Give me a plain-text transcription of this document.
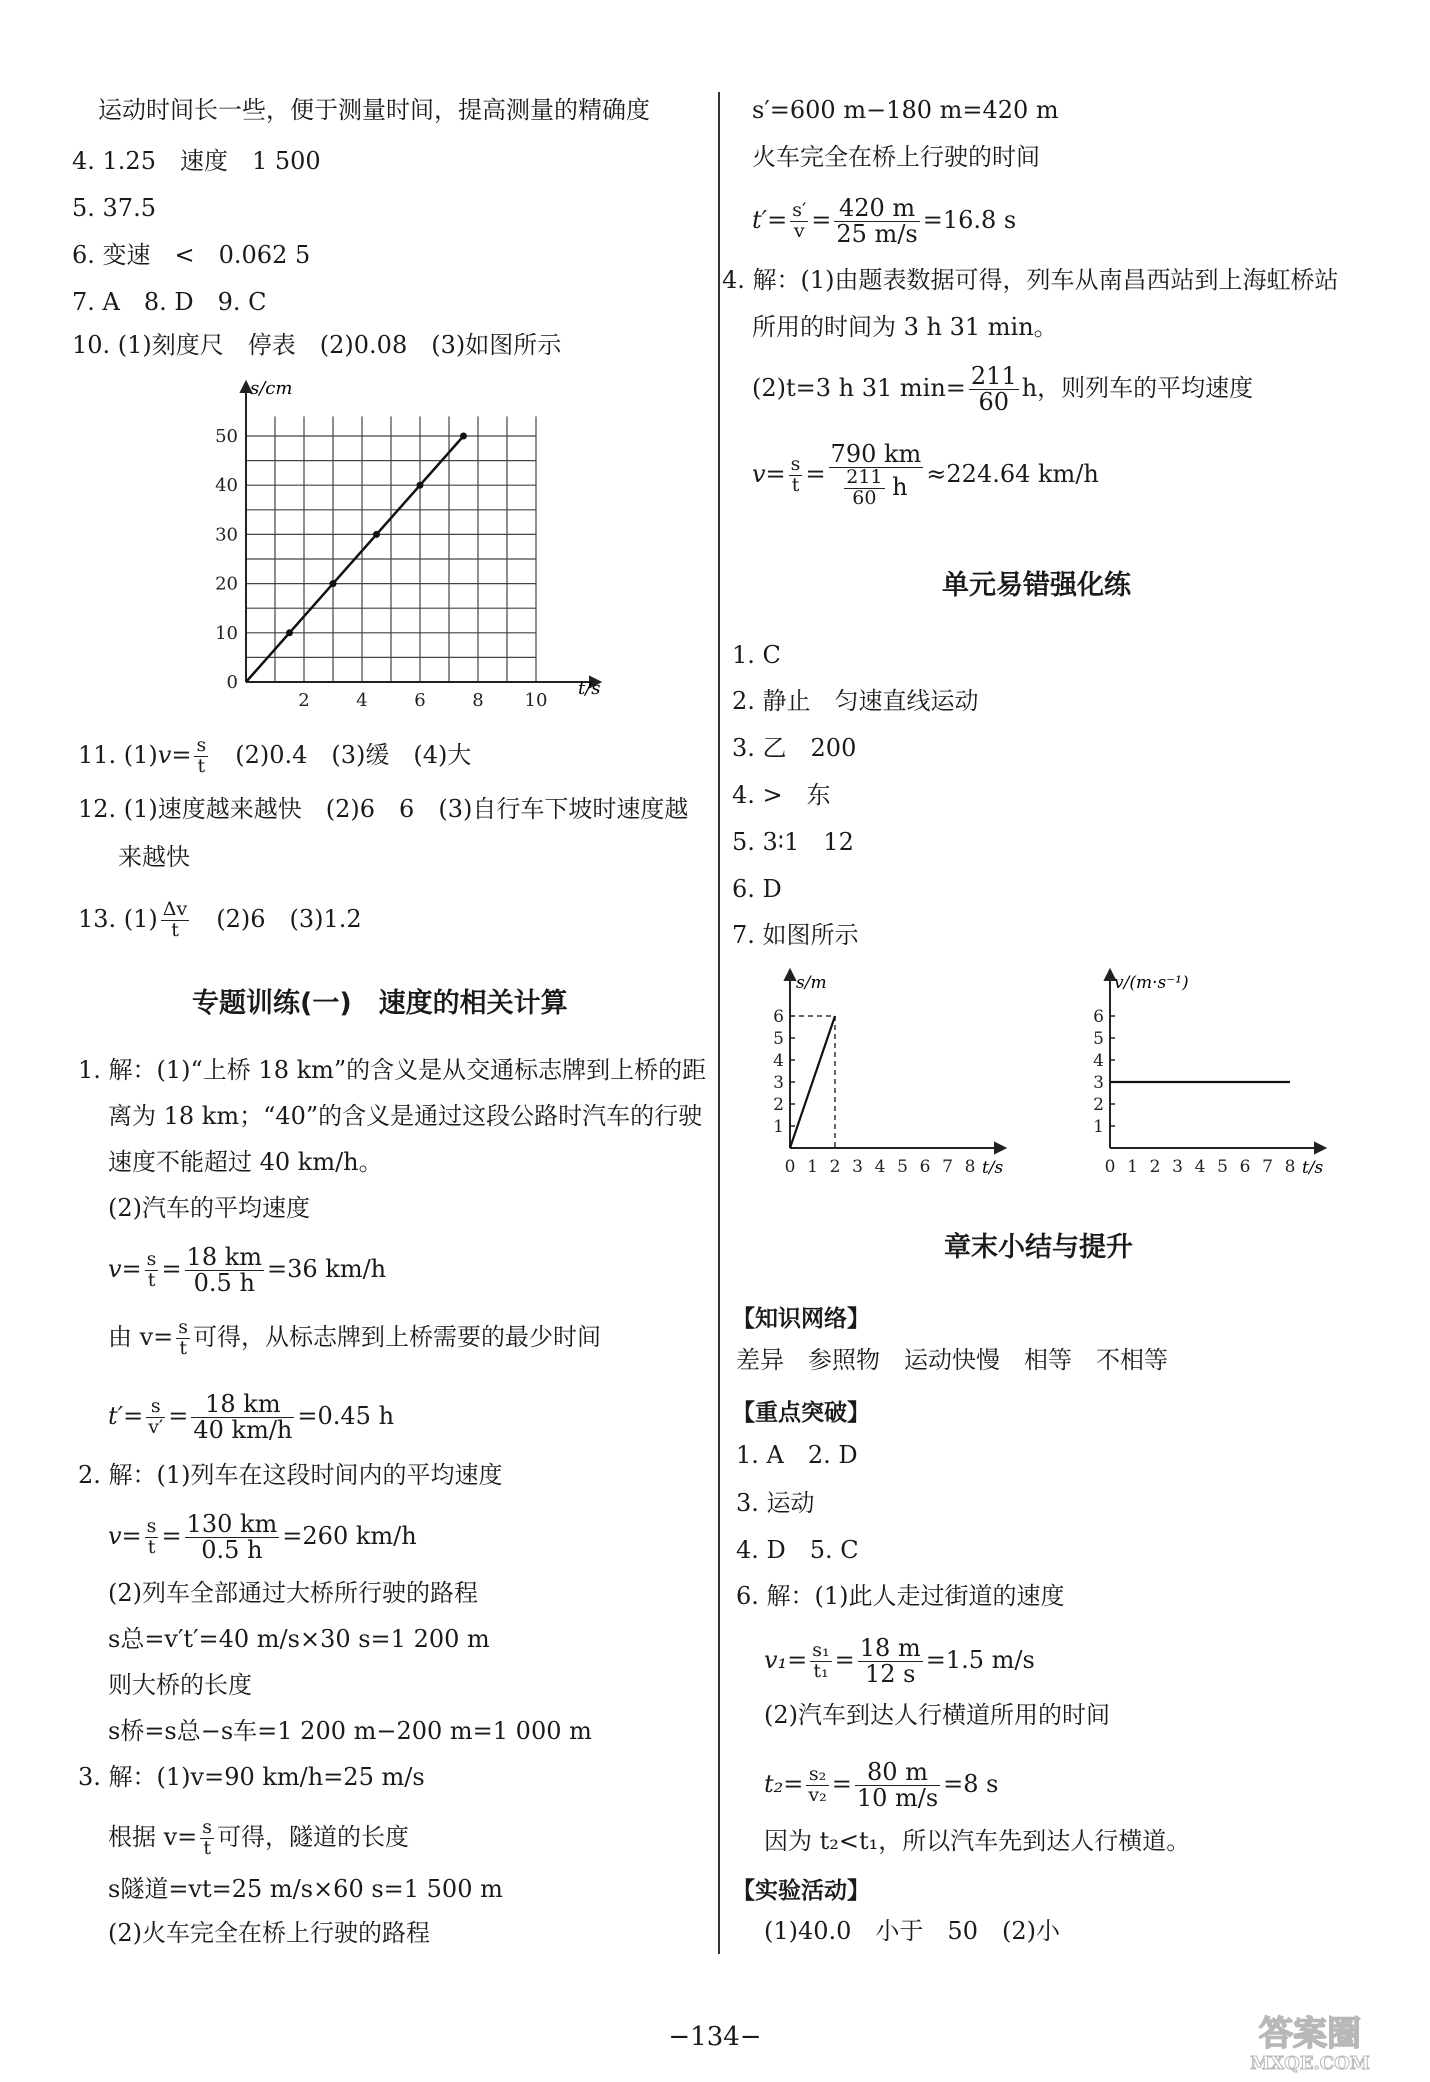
运动时间长一些，便于测量时间，提高测量的精确度
4. 1.25　速度　1 500
5. 37.5
6. 变速　<　0.062 5
7. A　8. D　9. C
10. (1)刻度尺　停表　(2)0.08　(3)如图所示
0
10
20
30
40
50
2	4	6	8 10
s/cm
t/s
11. $(1)v= \frac{s}{t}$
　 (2)0.4　(3)缓　(4)大
12. (1)速度越来越快　(2)6　6　(3)自行车下坡时速度越
来越快
13. $(1) \frac{\Delta v}{t}$
　 (2)6　(3)1.2
专题训练(一)　速度的相关计算
1. 解：(1)“上桥 18 km”的含义是从交通标志牌到上桥的距
离为 18 km；“40”的含义是通过这段公路时汽车的行驶
速度不能超过 40 km/h。
(2)汽车的平均速度
$v= \frac{s}{t} = \frac{18 km}{0.5 h} =36$ km/h
由 $v= \frac{s}{t}$ 可得，从标志牌到上桥需要的最少时间
$t'= \frac{s}{v'} = \frac{18 km}{40 km/h} =0.45$ h
2. 解：(1)列车在这段时间内的平均速度
$v= \frac{s}{t} = \frac{130 km}{0.5 h} =260$ km/h
(2)列车全部通过大桥所行驶的路程
s总=v′t′=40 m/s×30 s=1 200 m
则大桥的长度
s桥=s总−s车=1 200 m−200 m=1 000 m
3. 解：(1)v=90 km/h=25 m/s
根据 $v= \frac{s}{t}$ 可得，隧道的长度
s隧道=vt=25 m/s×60 s=1 500 m
(2)火车完全在桥上行驶的路程
s′=600 m−180 m=420 m
火车完全在桥上行驶的时间
$t'= \frac{s'}{v} = \frac{420 m}{25 m/s} =16.8$ s
4. 解：(1)由题表数据可得，列车从南昌西站到上海虹桥站
所用的时间为 3 h 31 min。
(2)t=3 h 31 $\min= \frac{211}{60}$ h，则列车的平均速度
$v= \frac{s}{t} = \frac{790 km}{\frac{211}{60} h} \approx 224.64$ km/h
单元易错强化练
1. C
2. 静止　匀速直线运动
3. 乙　200
4. >　东
5. 3∶1　12
6. D
7. 如图所示
1
2
3
4
5
6
0 1 2 3 4 5 6 7 8
s/m
t/s
1
2
3
4
5
6
0 1 2 3 4 5 6 7 8
v/(m·s⁻¹)
t/s
章末小结与提升
【知识网络】
差异　参照物　运动快慢　相等　不相等
【重点突破】
1. A　2. D
3. 运动
4. D　5. C
6. 解：(1)此人走过街道的速度
$v_1= \frac{\text{s₁}}{\text{t₁}} = \frac{18 m}{12 s} =1.5$ m/s
(2)汽车到达人行横道所用的时间
$t_2= \frac{\text{s₂}}{\text{v₂}} = \frac{80 m}{10 m/s} =8$ s
因为 t₂<t₁，所以汽车先到达人行横道。
【实验活动】
(1)40.0　小于　50　(2)小
−134−	答案圈
MXQE.COM
